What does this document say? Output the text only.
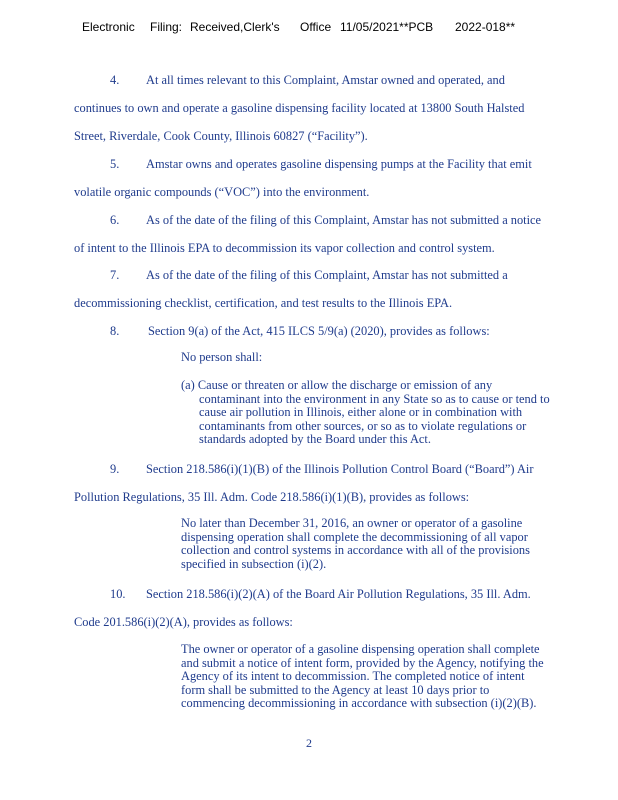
Electronic Filing: Received,Clerk's Office 11/05/2021**PCB 2022-018**
4. At all times relevant to this Complaint, Amstar owned and operated, and
continues to own and operate a gasoline dispensing facility located at 13800 South Halsted
Street, Riverdale, Cook County, Illinois 60827 (“Facility”).
5. Amstar owns and operates gasoline dispensing pumps at the Facility that emit
volatile organic compounds (“VOC”) into the environment.
6. As of the date of the filing of this Complaint, Amstar has not submitted a notice
of intent to the Illinois EPA to decommission its vapor collection and control system.
7. As of the date of the filing of this Complaint, Amstar has not submitted a
decommissioning checklist, certification, and test results to the Illinois EPA.
8. Section 9(a) of the Act, 415 ILCS 5/9(a) (2020), provides as follows:
No person shall:
(a) Cause or threaten or allow the discharge or emission of any
contaminant into the environment in any State so as to cause or tend to
cause air pollution in Illinois, either alone or in combination with
contaminants from other sources, or so as to violate regulations or
standards adopted by the Board under this Act.
9. Section 218.586(i)(1)(B) of the Illinois Pollution Control Board (“Board”) Air
Pollution Regulations, 35 Ill. Adm. Code 218.586(i)(1)(B), provides as follows:
No later than December 31, 2016, an owner or operator of a gasoline
dispensing operation shall complete the decommissioning of all vapor
collection and control systems in accordance with all of the provisions
specified in subsection (i)(2).
10. Section 218.586(i)(2)(A) of the Board Air Pollution Regulations, 35 Ill. Adm.
Code 201.586(i)(2)(A), provides as follows:
The owner or operator of a gasoline dispensing operation shall complete
and submit a notice of intent form, provided by the Agency, notifying the
Agency of its intent to decommission. The completed notice of intent
form shall be submitted to the Agency at least 10 days prior to
commencing decommissioning in accordance with subsection (i)(2)(B).
2
